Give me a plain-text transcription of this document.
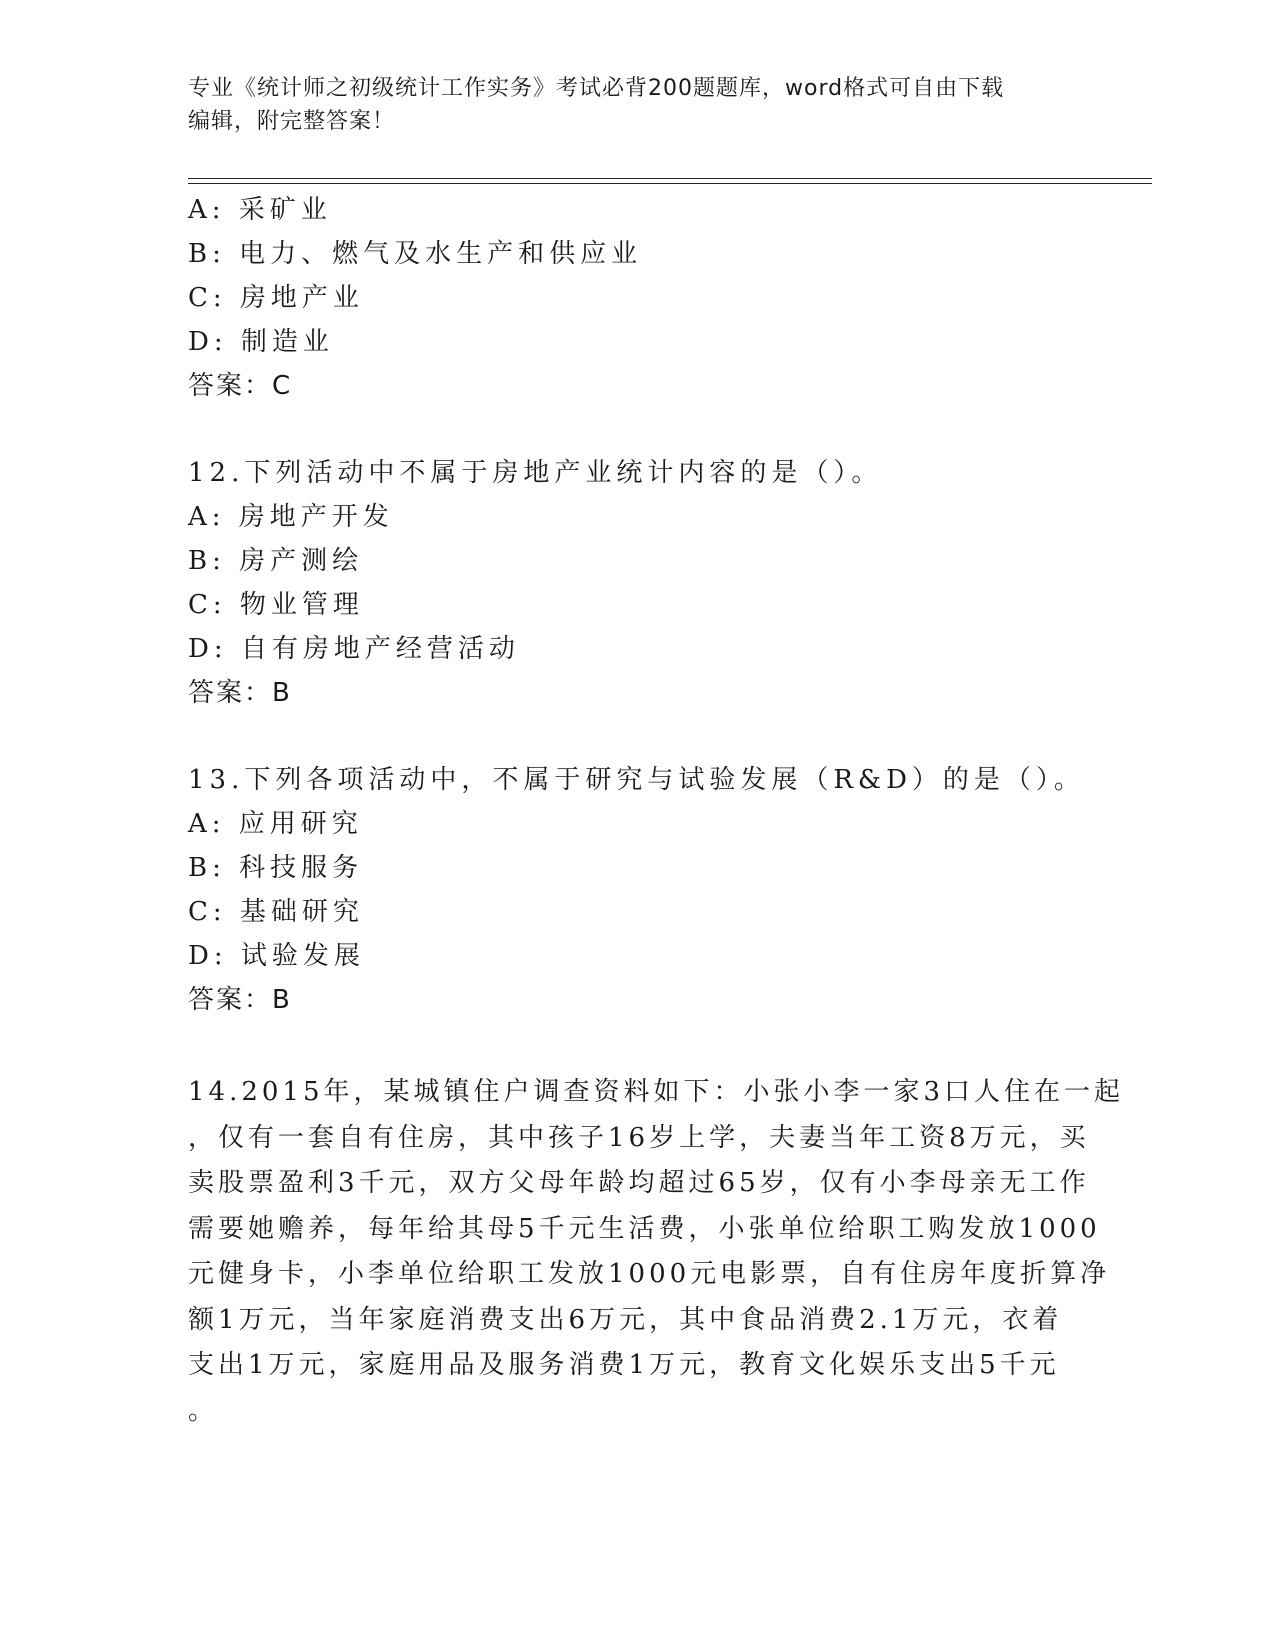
专业《统计师之初级统计工作实务》考试必背200题题库，word格式可自由下载
编辑，附完整答案！
A: 采矿业
B: 电力、燃气及水生产和供应业
C: 房地产业
D: 制造业
答案：C
12.下列活动中不属于房地产业统计内容的是（）。
A: 房地产开发
B: 房产测绘
C: 物业管理
D: 自有房地产经营活动
答案：B
13.下列各项活动中，不属于研究与试验发展（R&D）的是（）。
A: 应用研究
B: 科技服务
C: 基础研究
D: 试验发展
答案：B
14.2015年，某城镇住户调查资料如下：小张小李一家3口人住在一起
，仅有一套自有住房，其中孩子16岁上学，夫妻当年工资8万元，买
卖股票盈利3千元，双方父母年龄均超过65岁，仅有小李母亲无工作
需要她赡养，每年给其母5千元生活费，小张单位给职工购发放1000
元健身卡，小李单位给职工发放1000元电影票，自有住房年度折算净
额1万元，当年家庭消费支出6万元，其中食品消费2.1万元，衣着
支出1万元，家庭用品及服务消费1万元，教育文化娱乐支出5千元
。
